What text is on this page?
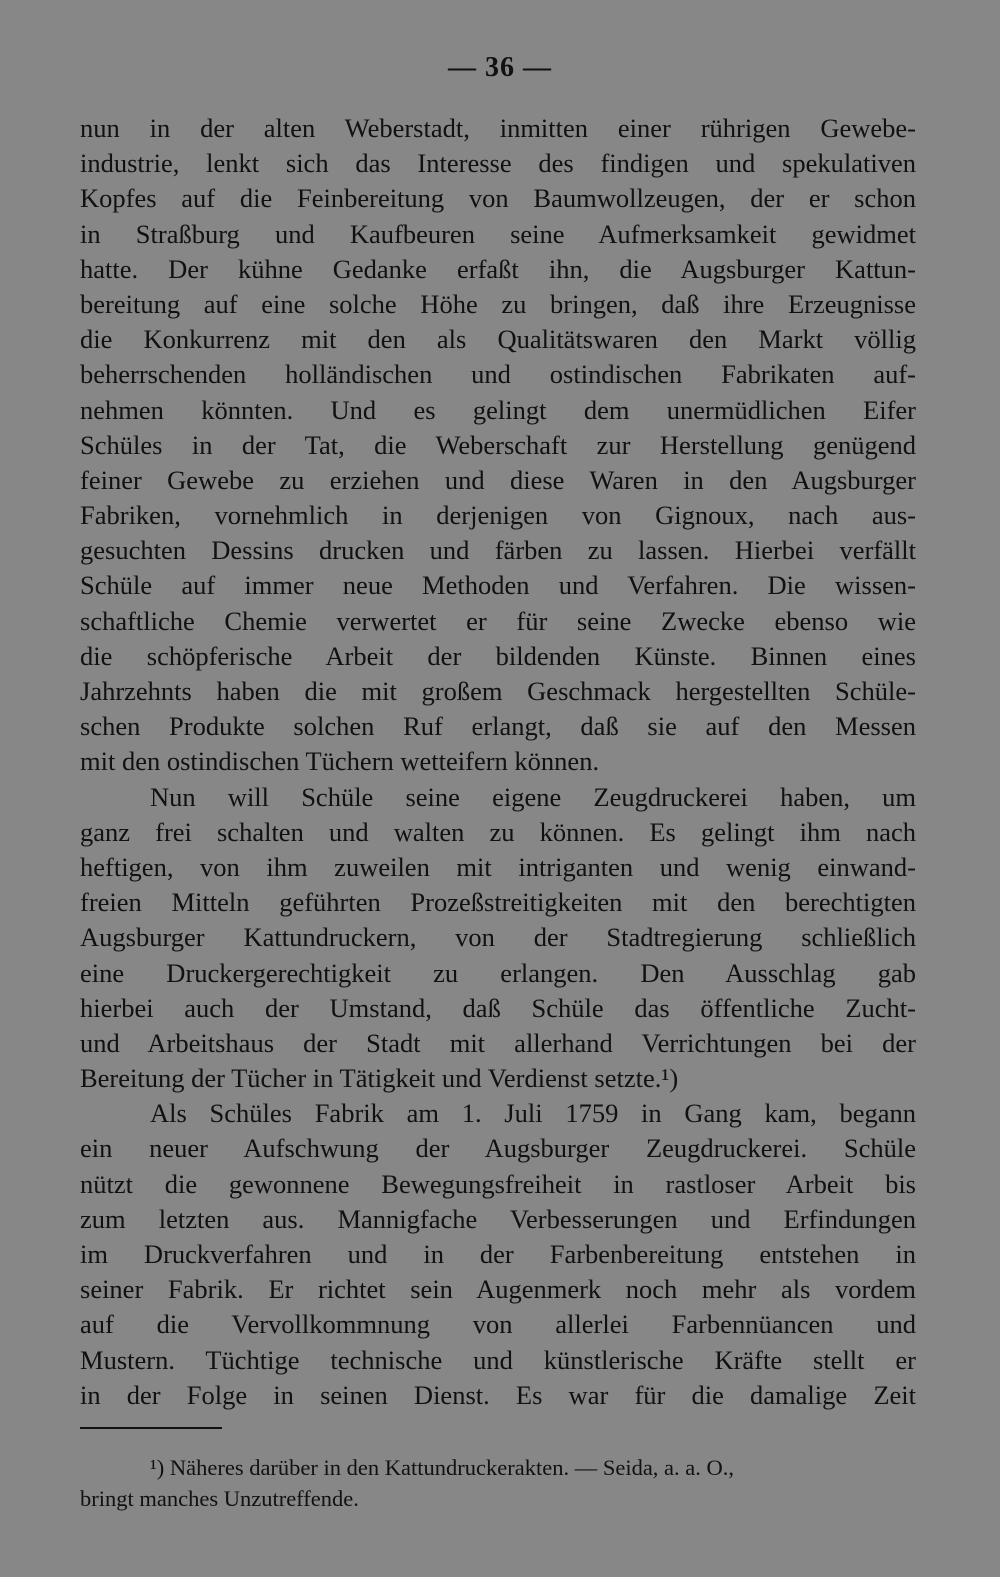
— 36 —
nun in der alten Weberstadt, inmitten einer rührigen Gewebe-
industrie, lenkt sich das Interesse des findigen und spekulativen
Kopfes auf die Feinbereitung von Baumwollzeugen, der er schon
in Straßburg und Kaufbeuren seine Aufmerksamkeit gewidmet
hatte. Der kühne Gedanke erfaßt ihn, die Augsburger Kattun-
bereitung auf eine solche Höhe zu bringen, daß ihre Erzeugnisse
die Konkurrenz mit den als Qualitätswaren den Markt völlig
beherrschenden holländischen und ostindischen Fabrikaten auf-
nehmen könnten. Und es gelingt dem unermüdlichen Eifer
Schüles in der Tat, die Weberschaft zur Herstellung genügend
feiner Gewebe zu erziehen und diese Waren in den Augsburger
Fabriken, vornehmlich in derjenigen von Gignoux, nach aus-
gesuchten Dessins drucken und färben zu lassen. Hierbei verfällt
Schüle auf immer neue Methoden und Verfahren. Die wissen-
schaftliche Chemie verwertet er für seine Zwecke ebenso wie
die schöpferische Arbeit der bildenden Künste. Binnen eines
Jahrzehnts haben die mit großem Geschmack hergestellten Schüle-
schen Produkte solchen Ruf erlangt, daß sie auf den Messen
mit den ostindischen Tüchern wetteifern können.
Nun will Schüle seine eigene Zeugdruckerei haben, um
ganz frei schalten und walten zu können. Es gelingt ihm nach
heftigen, von ihm zuweilen mit intriganten und wenig einwand-
freien Mitteln geführten Prozeßstreitigkeiten mit den berechtigten
Augsburger Kattundruckern, von der Stadtregierung schließlich
eine Druckergerechtigkeit zu erlangen. Den Ausschlag gab
hierbei auch der Umstand, daß Schüle das öffentliche Zucht-
und Arbeitshaus der Stadt mit allerhand Verrichtungen bei der
Bereitung der Tücher in Tätigkeit und Verdienst setzte.¹)
Als Schüles Fabrik am 1. Juli 1759 in Gang kam, begann
ein neuer Aufschwung der Augsburger Zeugdruckerei. Schüle
nützt die gewonnene Bewegungsfreiheit in rastloser Arbeit bis
zum letzten aus. Mannigfache Verbesserungen und Erfindungen
im Druckverfahren und in der Farbenbereitung entstehen in
seiner Fabrik. Er richtet sein Augenmerk noch mehr als vordem
auf die Vervollkommnung von allerlei Farbennüancen und
Mustern. Tüchtige technische und künstlerische Kräfte stellt er
in der Folge in seinen Dienst. Es war für die damalige Zeit
¹) Näheres darüber in den Kattundruckerakten. — Seida, a. a. O.,
bringt manches Unzutreffende.
